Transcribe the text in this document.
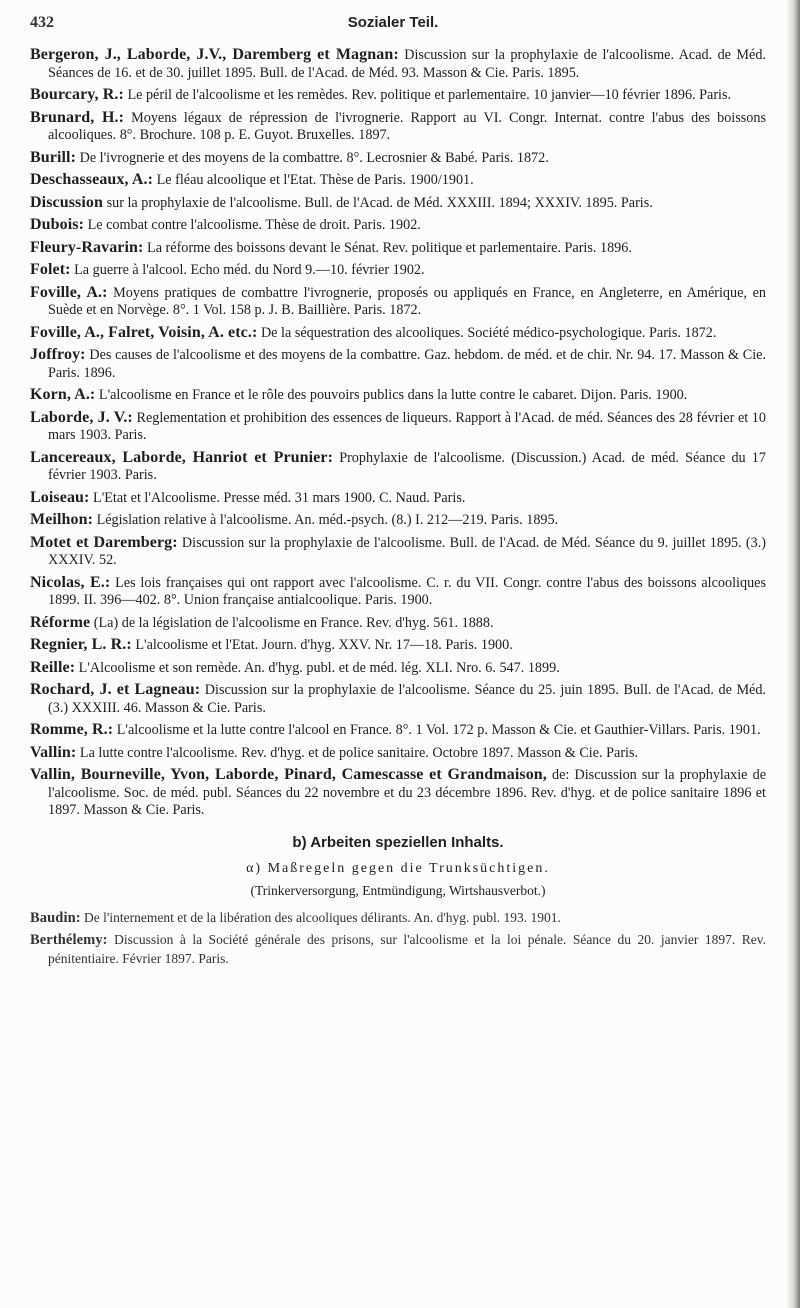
432	Sozialer Teil.
Bergeron, J., Laborde, J.V., Daremberg et Magnan: Discussion sur la prophylaxie de l'alcoolisme. Acad. de Méd. Séances de 16. et de 30. juillet 1895. Bull. de l'Acad. de Méd. 93. Masson & Cie. Paris. 1895.
Bourcary, R.: Le péril de l'alcoolisme et les remèdes. Rev. politique et parlementaire. 10 janvier—10 février 1896. Paris.
Brunard, H.: Moyens légaux de répression de l'ivrognerie. Rapport au VI. Congr. Internat. contre l'abus des boissons alcooliques. 8°. Brochure. 108 p. E. Guyot. Bruxelles. 1897.
Burill: De l'ivrognerie et des moyens de la combattre. 8°. Lecrosnier & Babé. Paris. 1872.
Deschasseaux, A.: Le fléau alcoolique et l'Etat. Thèse de Paris. 1900/1901.
Discussion sur la prophylaxie de l'alcoolisme. Bull. de l'Acad. de Méd. XXXIII. 1894; XXXIV. 1895. Paris.
Dubois: Le combat contre l'alcoolisme. Thèse de droit. Paris. 1902.
Fleury-Ravarin: La réforme des boissons devant le Sénat. Rev. politique et parlementaire. Paris. 1896.
Folet: La guerre à l'alcool. Echo méd. du Nord 9.—10. février 1902.
Foville, A.: Moyens pratiques de combattre l'ivrognerie, proposés ou appliqués en France, en Angleterre, en Amérique, en Suède et en Norvège. 8°. 1 Vol. 158 p. J. B. Baillière. Paris. 1872.
Foville, A., Falret, Voisin, A. etc.: De la séquestration des alcooliques. Société médico-psychologique. Paris. 1872.
Joffroy: Des causes de l'alcoolisme et des moyens de la combattre. Gaz. hebdom. de méd. et de chir. Nr. 94. 17. Masson & Cie. Paris. 1896.
Korn, A.: L'alcoolisme en France et le rôle des pouvoirs publics dans la lutte contre le cabaret. Dijon. Paris. 1900.
Laborde, J. V.: Reglementation et prohibition des essences de liqueurs. Rapport à l'Acad. de méd. Séances des 28 février et 10 mars 1903. Paris.
Lancereaux, Laborde, Hanriot et Prunier: Prophylaxie de l'alcoolisme. (Discussion.) Acad. de méd. Séance du 17 février 1903. Paris.
Loiseau: L'Etat et l'Alcoolisme. Presse méd. 31 mars 1900. C. Naud. Paris.
Meilhon: Législation relative à l'alcoolisme. An. méd.-psych. (8.) I. 212—219. Paris. 1895.
Motet et Daremberg: Discussion sur la prophylaxie de l'alcoolisme. Bull. de l'Acad. de Méd. Séance du 9. juillet 1895. (3.) XXXIV. 52.
Nicolas, E.: Les lois françaises qui ont rapport avec l'alcoolisme. C. r. du VII. Congr. contre l'abus des boissons alcooliques 1899. II. 396—402. 8°. Union française antialcoolique. Paris. 1900.
Réforme (La) de la législation de l'alcoolisme en France. Rev. d'hyg. 561. 1888.
Regnier, L. R.: L'alcoolisme et l'Etat. Journ. d'hyg. XXV. Nr. 17—18. Paris. 1900.
Reille: L'Alcoolisme et son remède. An. d'hyg. publ. et de méd. lég. XLI. Nro. 6. 547. 1899.
Rochard, J. et Lagneau: Discussion sur la prophylaxie de l'alcoolisme. Séance du 25. juin 1895. Bull. de l'Acad. de Méd. (3.) XXXIII. 46. Masson & Cie. Paris.
Romme, R.: L'alcoolisme et la lutte contre l'alcool en France. 8°. 1 Vol. 172 p. Masson & Cie. et Gauthier-Villars. Paris. 1901.
Vallin: La lutte contre l'alcoolisme. Rev. d'hyg. et de police sanitaire. Octobre 1897. Masson & Cie. Paris.
Vallin, Bourneville, Yvon, Laborde, Pinard, Camescasse et Grandmaison, de: Discussion sur la prophylaxie de l'alcoolisme. Soc. de méd. publ. Séances du 22 novembre et du 23 décembre 1896. Rev. d'hyg. et de police sanitaire 1896 et 1897. Masson & Cie. Paris.
b) Arbeiten speziellen Inhalts.
α) Maßregeln gegen die Trunksüchtigen.
(Trinkerversorgung, Entmündigung, Wirtshausverbot.)
Baudin: De l'internement et de la libération des alcooliques délirants. An. d'hyg. publ. 193. 1901.
Berthélemy: Discussion à la Société générale des prisons, sur l'alcoolisme et la loi pénale. Séance du 20. janvier 1897. Rev. pénitentiaire. Février 1897. Paris.
